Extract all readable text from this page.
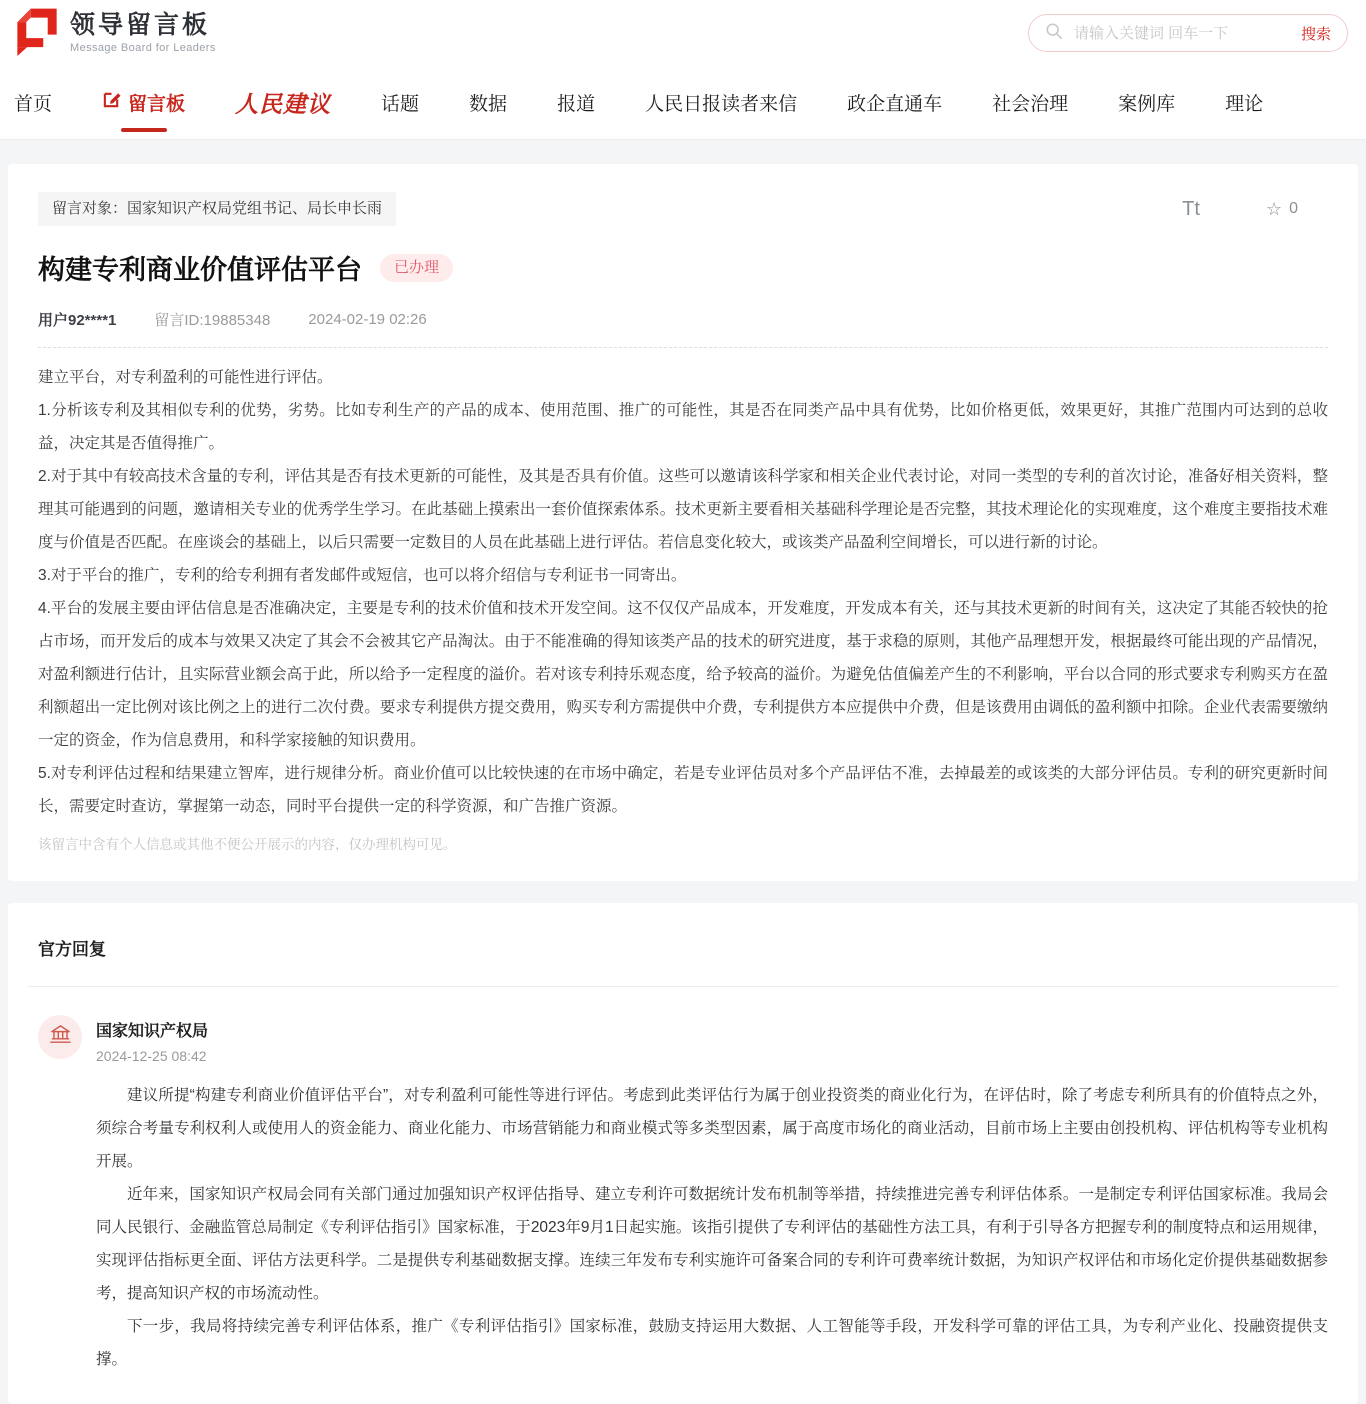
领导留言板
Message Board for Leaders
请输入关键词 回车一下
搜索
首页	留言板 人民建议	话题	数据	报道	人民日报读者来信	政企直通车	社会治理	案例库	理论
留言对象：国家知识产权局党组书记、局长申长雨	Tt	☆ 0
构建专利商业价值评估平台	已办理
用户92****1	留言ID:19885348	2024-02-19 02:26

建立平台，对专利盈利的可能性进行评估。

1.分析该专利及其相似专利的优势，劣势。比如专利生产的产品的成本、使用范围、推广的可能性，其是否在同类产品中具有优势，比如价格更低，效果更好，其推广范围内可达到的总收益，决定其是否值得推广。

2.对于其中有较高技术含量的专利，评估其是否有技术更新的可能性，及其是否具有价值。这些可以邀请该科学家和相关企业代表讨论，对同一类型的专利的首次讨论，准备好相关资料，整理其可能遇到的问题，邀请相关专业的优秀学生学习。在此基础上摸索出一套价值探索体系。技术更新主要看相关基础科学理论是否完整，其技术理论化的实现难度，这个难度主要指技术难度与价值是否匹配。在座谈会的基础上，以后只需要一定数目的人员在此基础上进行评估。若信息变化较大，或该类产品盈利空间增长，可以进行新的讨论。

3.对于平台的推广，专利的给专利拥有者发邮件或短信，也可以将介绍信与专利证书一同寄出。

4.平台的发展主要由评估信息是否准确决定，主要是专利的技术价值和技术开发空间。这不仅仅产品成本，开发难度，开发成本有关，还与其技术更新的时间有关，这决定了其能否较快的抢占市场，而开发后的成本与效果又决定了其会不会被其它产品淘汰。由于不能准确的得知该类产品的技术的研究进度，基于求稳的原则，其他产品理想开发，根据最终可能出现的产品情况，对盈利额进行估计，且实际营业额会高于此，所以给予一定程度的溢价。若对该专利持乐观态度，给予较高的溢价。为避免估值偏差产生的不利影响，平台以合同的形式要求专利购买方在盈利额超出一定比例对该比例之上的进行二次付费。要求专利提供方提交费用，购买专利方需提供中介费，专利提供方本应提供中介费，但是该费用由调低的盈利额中扣除。企业代表需要缴纳一定的资金，作为信息费用，和科学家接触的知识费用。

5.对专利评估过程和结果建立智库，进行规律分析。商业价值可以比较快速的在市场中确定，若是专业评估员对多个产品评估不准，去掉最差的或该类的大部分评估员。专利的研究更新时间长，需要定时查访，掌握第一动态，同时平台提供一定的科学资源，和广告推广资源。

该留言中含有个人信息或其他不便公开展示的内容，仅办理机构可见。
官方回复
国家知识产权局
2024-12-25 08:42

建议所提“构建专利商业价值评估平台”，对专利盈利可能性等进行评估。考虑到此类评估行为属于创业投资类的商业化行为，在评估时，除了考虑专利所具有的价值特点之外，须综合考量专利权利人或使用人的资金能力、商业化能力、市场营销能力和商业模式等多类型因素，属于高度市场化的商业活动，目前市场上主要由创投机构、评估机构等专业机构开展。

近年来，国家知识产权局会同有关部门通过加强知识产权评估指导、建立专利许可数据统计发布机制等举措，持续推进完善专利评估体系。一是制定专利评估国家标准。我局会同人民银行、金融监管总局制定《专利评估指引》国家标准，于2023年9月1日起实施。该指引提供了专利评估的基础性方法工具，有利于引导各方把握专利的制度特点和运用规律，实现评估指标更全面、评估方法更科学。二是提供专利基础数据支撑。连续三年发布专利实施许可备案合同的专利许可费率统计数据，为知识产权评估和市场化定价提供基础数据参考，提高知识产权的市场流动性。

下一步，我局将持续完善专利评估体系，推广《专利评估指引》国家标准，鼓励支持运用大数据、人工智能等手段，开发科学可靠的评估工具，为专利产业化、投融资提供支撑。
